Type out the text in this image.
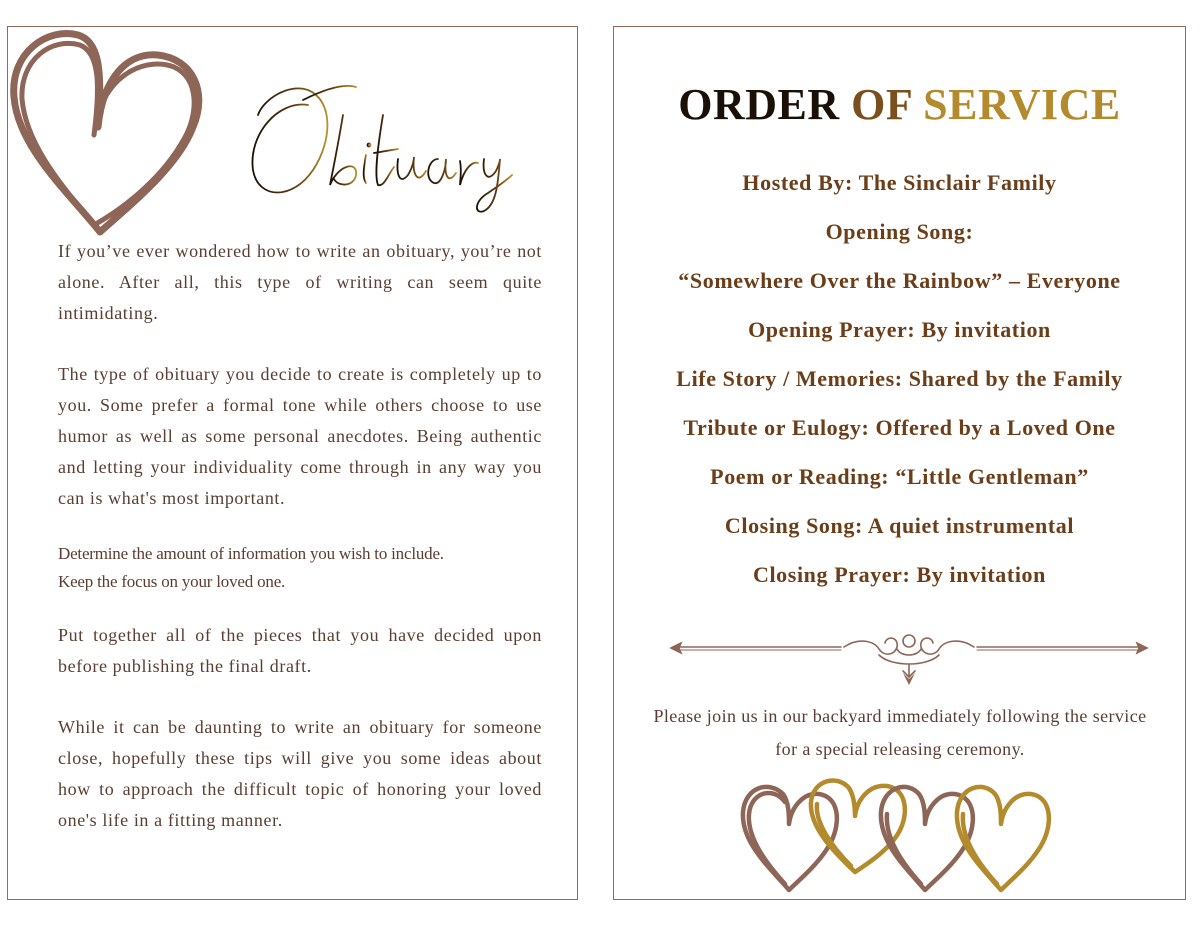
If you’ve ever wondered how to write an obituary, you’re not alone. After all, this type of writing can seem quite intimidating.

The type of obituary you decide to create is completely up to you. Some prefer a formal tone while others choose to use humor as well as some personal anecdotes. Being authentic and letting your individuality come through in any way you can is what's most important.

Determine the amount of information you wish to include.

Keep the focus on your loved one.

Put together all of the pieces that you have decided upon before publishing the final draft.

While it can be daunting to write an obituary for someone close, hopefully these tips will give you some ideas about how to approach the difficult topic of honoring your loved one's life in a fitting manner.

ORDER OF SERVICE

Hosted By: The Sinclair Family

Opening Song:

“Somewhere Over the Rainbow” – Everyone

Opening Prayer: By invitation

Life Story / Memories: Shared by the Family

Tribute or Eulogy: Offered by a Loved One

Poem or Reading: “Little Gentleman”

Closing Song: A quiet instrumental

Closing Prayer: By invitation

Please join us in our backyard immediately following the service for a special releasing ceremony.
